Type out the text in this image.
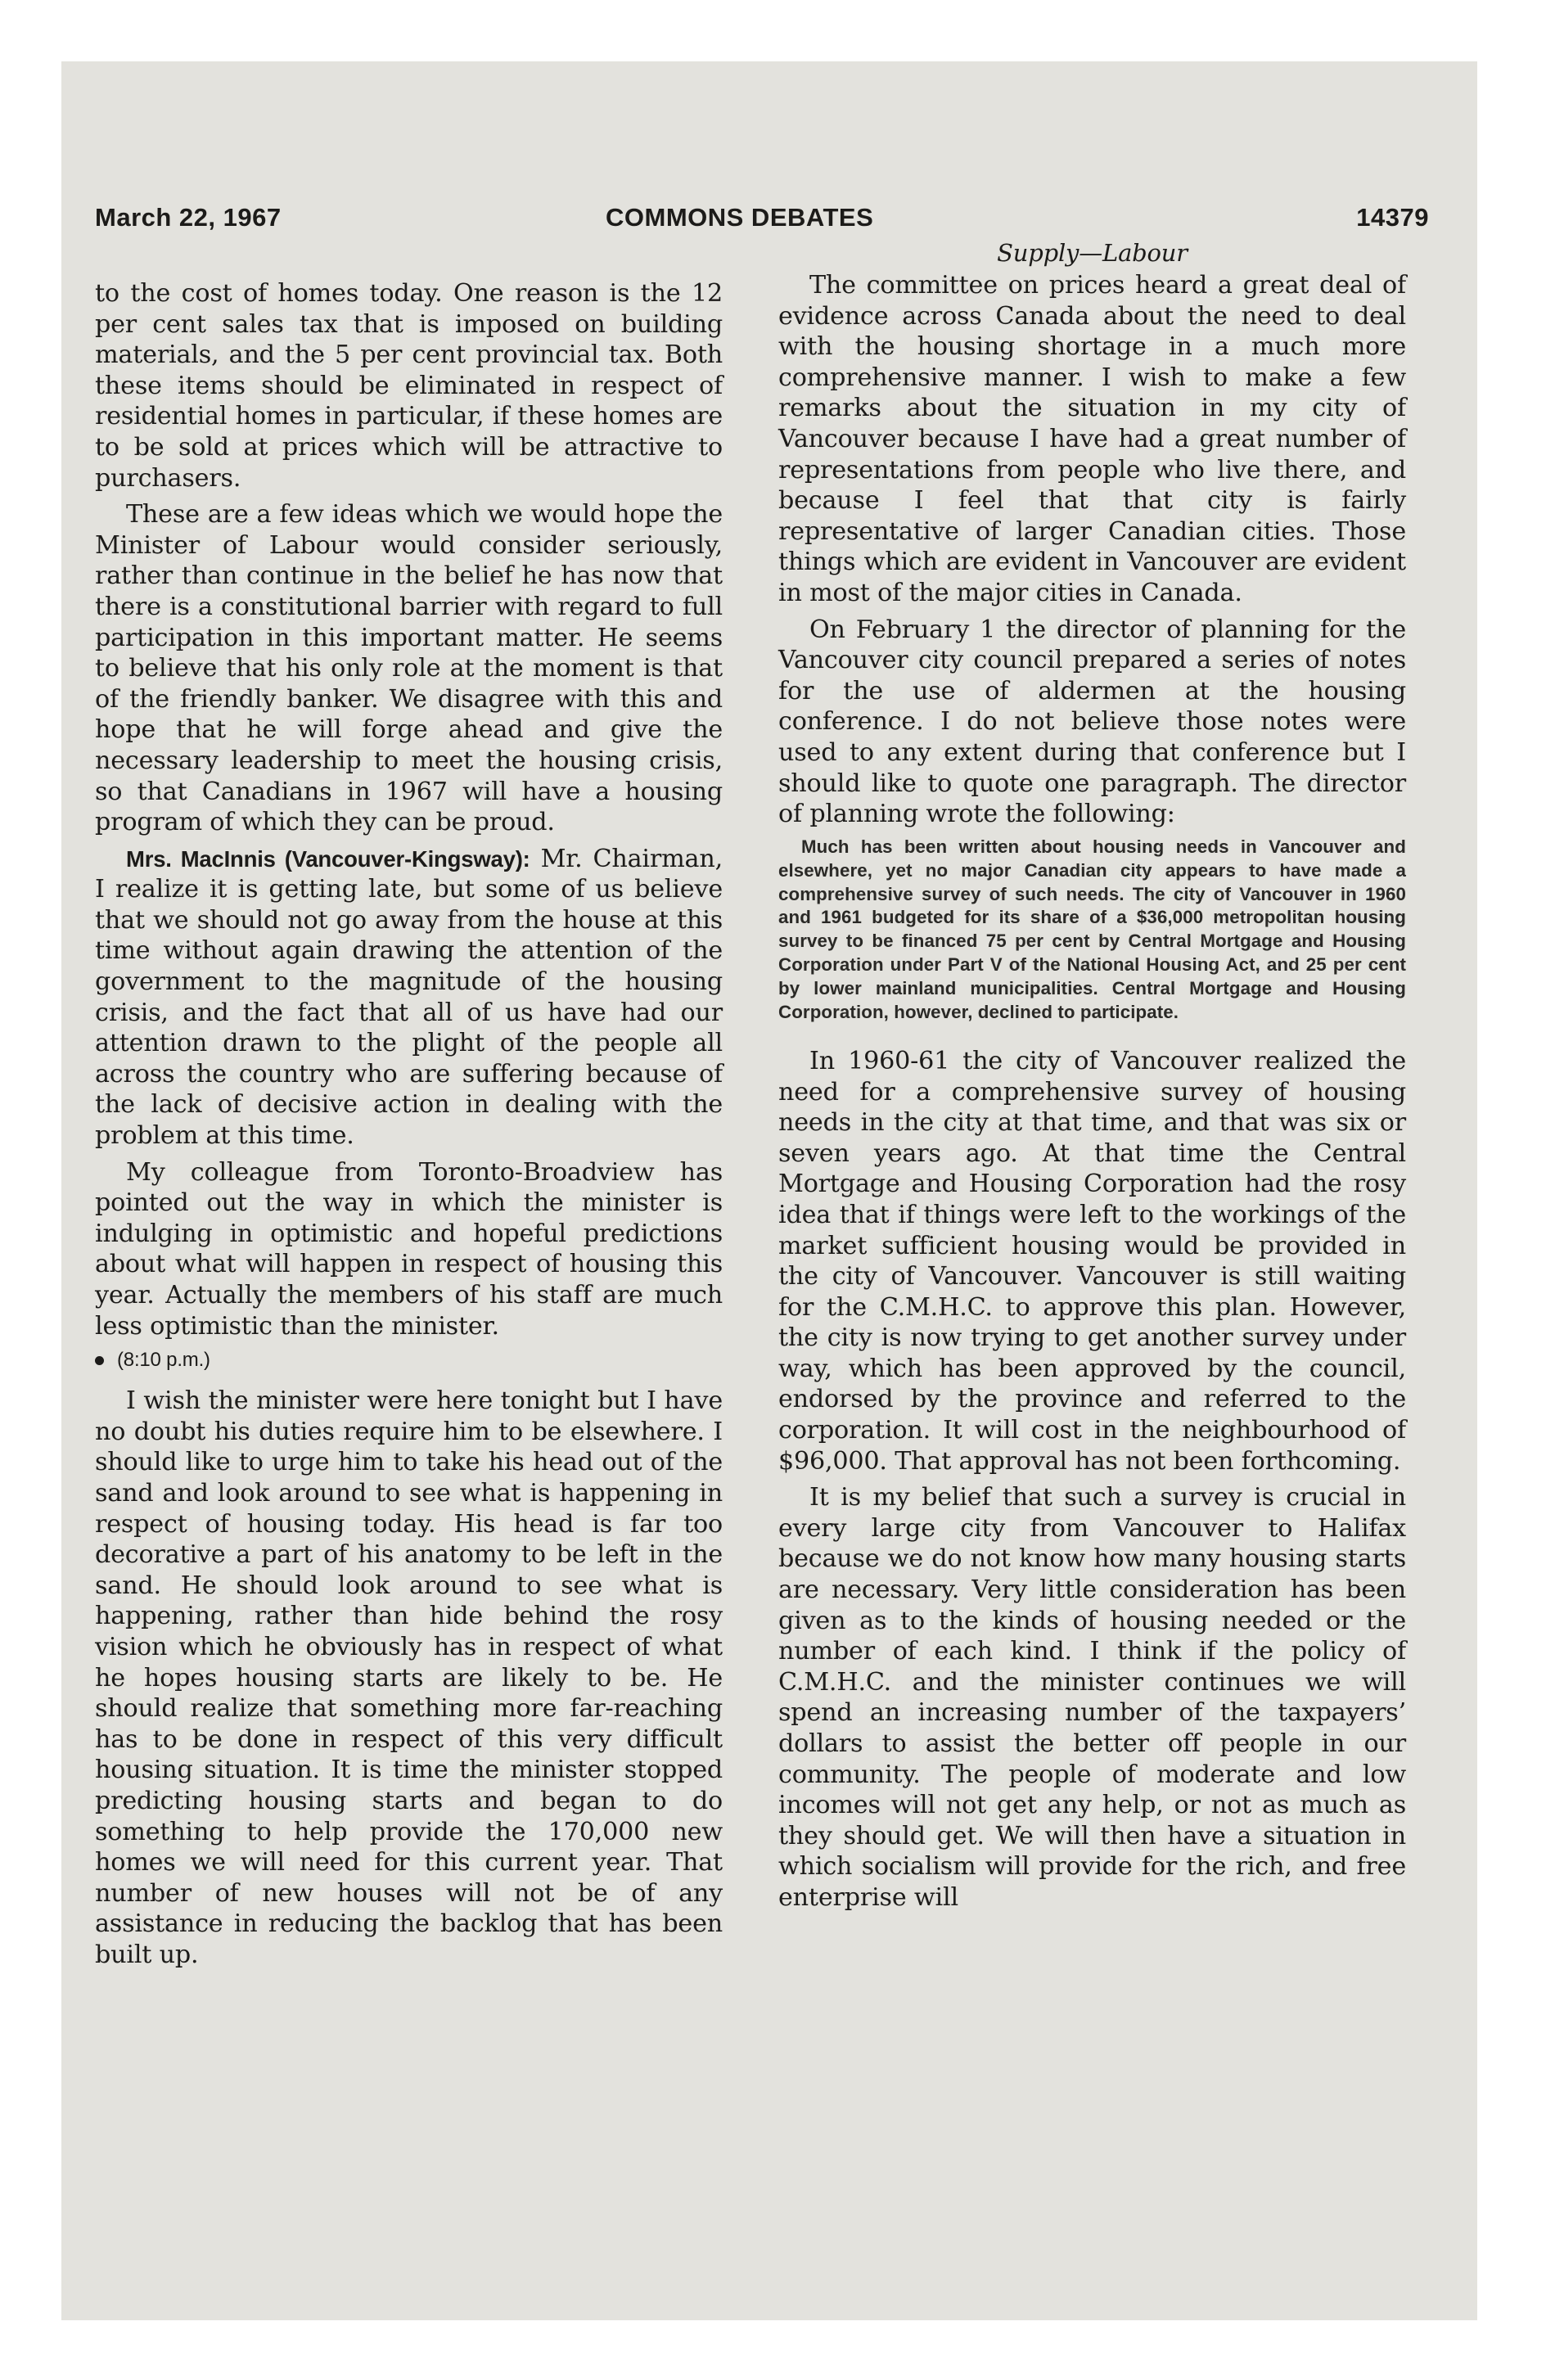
March 22, 1967	COMMONS DEBATES	14379

to the cost of homes today. One reason is the 12 per cent sales tax that is imposed on building materials, and the 5 per cent provincial tax. Both these items should be eliminated in respect of residential homes in particular, if these homes are to be sold at prices which will be attractive to purchasers.

These are a few ideas which we would hope the Minister of Labour would consider seriously, rather than continue in the belief he has now that there is a constitutional barrier with regard to full participation in this important matter. He seems to believe that his only role at the moment is that of the friendly banker. We disagree with this and hope that he will forge ahead and give the necessary leadership to meet the housing crisis, so that Canadians in 1967 will have a housing program of which they can be proud.

Mrs. MacInnis (Vancouver-Kingsway): Mr. Chairman, I realize it is getting late, but some of us believe that we should not go away from the house at this time without again drawing the attention of the government to the magnitude of the housing crisis, and the fact that all of us have had our attention drawn to the plight of the people all across the country who are suffering because of the lack of decisive action in dealing with the problem at this time.

My colleague from Toronto-Broadview has pointed out the way in which the minister is indulging in optimistic and hopeful predictions about what will happen in respect of housing this year. Actually the members of his staff are much less optimistic than the minister.

(8:10 p.m.)

I wish the minister were here tonight but I have no doubt his duties require him to be elsewhere. I should like to urge him to take his head out of the sand and look around to see what is happening in respect of housing today. His head is far too decorative a part of his anatomy to be left in the sand. He should look around to see what is happening, rather than hide behind the rosy vision which he obviously has in respect of what he hopes housing starts are likely to be. He should realize that something more far-reaching has to be done in respect of this very difficult housing situation. It is time the minister stopped predicting housing starts and began to do something to help provide the 170,000 new homes we will need for this current year. That number of new houses will not be of any assistance in reducing the backlog that has been built up.

Supply—Labour

The committee on prices heard a great deal of evidence across Canada about the need to deal with the housing shortage in a much more comprehensive manner. I wish to make a few remarks about the situation in my city of Vancouver because I have had a great number of representations from people who live there, and because I feel that that city is fairly representative of larger Canadian cities. Those things which are evident in Vancouver are evident in most of the major cities in Canada.

On February 1 the director of planning for the Vancouver city council prepared a series of notes for the use of aldermen at the housing conference. I do not believe those notes were used to any extent during that conference but I should like to quote one paragraph. The director of planning wrote the following:

Much has been written about housing needs in Vancouver and elsewhere, yet no major Canadian city appears to have made a comprehensive survey of such needs. The city of Vancouver in 1960 and 1961 budgeted for its share of a $36,000 metropolitan housing survey to be financed 75 per cent by Central Mortgage and Housing Corporation under Part V of the National Housing Act, and 25 per cent by lower mainland municipalities. Central Mortgage and Housing Corporation, however, declined to participate.

In 1960-61 the city of Vancouver realized the need for a comprehensive survey of housing needs in the city at that time, and that was six or seven years ago. At that time the Central Mortgage and Housing Corporation had the rosy idea that if things were left to the workings of the market sufficient housing would be provided in the city of Vancouver. Vancouver is still waiting for the C.M.H.C. to approve this plan. However, the city is now trying to get another survey under way, which has been approved by the council, endorsed by the province and referred to the corporation. It will cost in the neighbourhood of $96,000. That approval has not been forthcoming.

It is my belief that such a survey is crucial in every large city from Vancouver to Halifax because we do not know how many housing starts are necessary. Very little consideration has been given as to the kinds of housing needed or the number of each kind. I think if the policy of C.M.H.C. and the minister continues we will spend an increasing number of the taxpayers’ dollars to assist the better off people in our community. The people of moderate and low incomes will not get any help, or not as much as they should get. We will then have a situation in which socialism will provide for the rich, and free enterprise will
